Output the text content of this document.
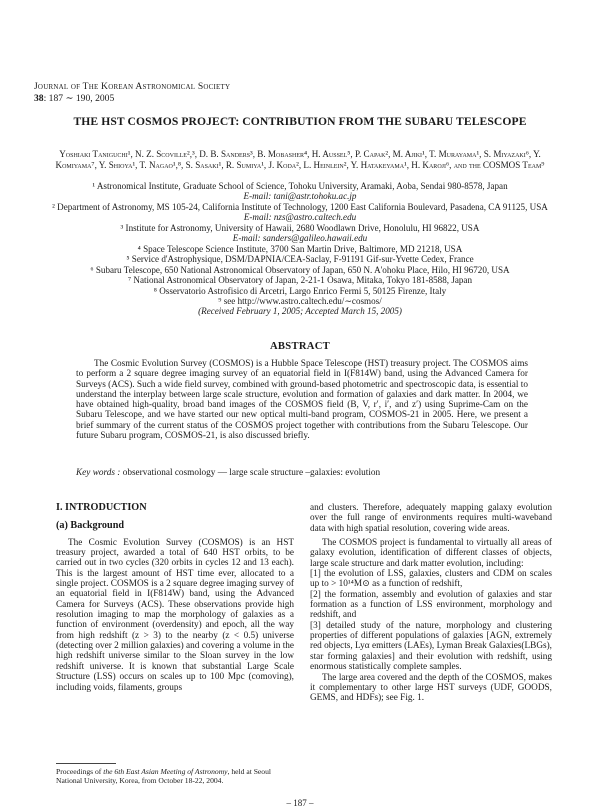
Journal of The Korean Astronomical Society
38: 187 ∼ 190, 2005
THE HST COSMOS PROJECT: CONTRIBUTION FROM THE SUBARU TELESCOPE
Yoshiaki Taniguchi¹, N. Z. Scoville²,³, D. B. Sanders³, B. Mobasher⁴, H. Aussel⁵, P. Capak², M. Ajiki¹, T. Murayama¹, S. Miyazaki⁶, Y. Komiyama⁷, Y. Shioya¹, T. Nagao¹,⁸, S. Sasaki¹, R. Sumiya¹, J. Koda², L. Heinlein², Y. Hatakeyama¹, H. Karoji⁶, and the COSMOS Team⁹
¹ Astronomical Institute, Graduate School of Science, Tohoku University, Aramaki, Aoba, Sendai 980-8578, Japan
E-mail: tani@astr.tohoku.ac.jp
² Department of Astronomy, MS 105-24, California Institute of Technology, 1200 East California Boulevard, Pasadena, CA 91125, USA
E-mail: nzs@astro.caltech.edu
³ Institute for Astronomy, University of Hawaii, 2680 Woodlawn Drive, Honolulu, HI 96822, USA
E-mail: sanders@galileo.hawaii.edu
⁴ Space Telescope Science Institute, 3700 San Martin Drive, Baltimore, MD 21218, USA
⁵ Service d'Astrophysique, DSM/DAPNIA/CEA-Saclay, F-91191 Gif-sur-Yvette Cedex, France
⁶ Subaru Telescope, 650 National Astronomical Observatory of Japan, 650 N. A'ohoku Place, Hilo, HI 96720, USA
⁷ National Astronomical Observatory of Japan, 2-21-1 Osawa, Mitaka, Tokyo 181-8588, Japan
⁸ Osservatorio Astrofisico di Arcetri, Largo Enrico Fermi 5, 50125 Firenze, Italy
⁹ see http://www.astro.caltech.edu/∼cosmos/
(Received February 1, 2005; Accepted March 15, 2005)
ABSTRACT
The Cosmic Evolution Survey (COSMOS) is a Hubble Space Telescope (HST) treasury project. The COSMOS aims to perform a 2 square degree imaging survey of an equatorial field in I(F814W) band, using the Advanced Camera for Surveys (ACS). Such a wide field survey, combined with ground-based photometric and spectroscopic data, is essential to understand the interplay between large scale structure, evolution and formation of galaxies and dark matter. In 2004, we have obtained high-quality, broad band images of the COSMOS field (B, V, r′, i′, and z′) using Suprime-Cam on the Subaru Telescope, and we have started our new optical multi-band program, COSMOS-21 in 2005. Here, we present a brief summary of the current status of the COSMOS project together with contributions from the Subaru Telescope. Our future Subaru program, COSMOS-21, is also discussed briefly.
Key words : observational cosmology — large scale structure –galaxies: evolution
I. INTRODUCTION
(a) Background

The Cosmic Evolution Survey (COSMOS) is an HST treasury project, awarded a total of 640 HST orbits, to be carried out in two cycles (320 orbits in cycles 12 and 13 each). This is the largest amount of HST time ever, allocated to a single project. COSMOS is a 2 square degree imaging survey of an equatorial field in I(F814W) band, using the Advanced Camera for Surveys (ACS). These observations provide high resolution imaging to map the morphology of galaxies as a function of environment (overdensity) and epoch, all the way from high redshift (z > 3) to the nearby (z < 0.5) universe (detecting over 2 million galaxies) and covering a volume in the high redshift universe similar to the Sloan survey in the low redshift universe. It is known that substantial Large Scale Structure (LSS) occurs on scales up to 100 Mpc (comoving), including voids, filaments, groups

and clusters. Therefore, adequately mapping galaxy evolution over the full range of environments requires multi-waveband data with high spatial resolution, covering wide areas.

The COSMOS project is fundamental to virtually all areas of galaxy evolution, identification of different classes of objects, large scale structure and dark matter evolution, including:

[1] the evolution of LSS, galaxies, clusters and CDM on scales up to > 10¹⁴M⊙ as a function of redshift,

[2] the formation, assembly and evolution of galaxies and star formation as a function of LSS environment, morphology and redshift, and

[3] detailed study of the nature, morphology and clustering properties of different populations of galaxies [AGN, extremely red objects, Lyα emitters (LAEs), Lyman Break Galaxies(LBGs), star forming galaxies] and their evolution with redshift, using enormous statistically complete samples.

The large area covered and the depth of the COSMOS, makes it complementary to other large HST surveys (UDF, GOODS, GEMS, and HDFs); see Fig. 1.

Proceedings of the 6th East Asian Meeting of Astronomy, held at Seoul National University, Korea, from October 18-22, 2004.
– 187 –
